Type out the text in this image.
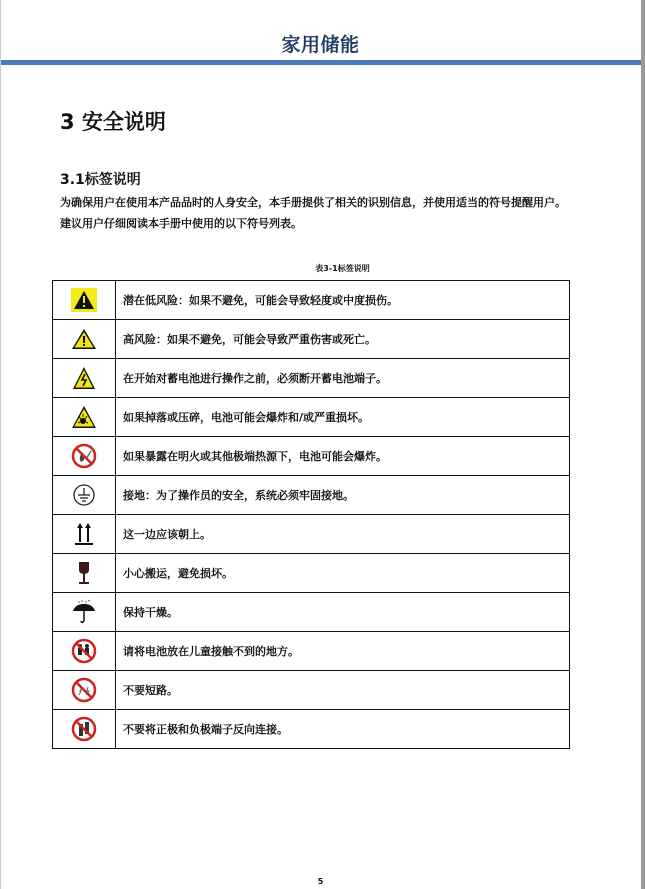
家用储能
3 安全说明
3.1标签说明
为确保用户在使用本产品品时的人身安全，本手册提供了相关的识别信息，并使用适当的符号提醒用户。
建议用户仔细阅读本手册中使用的以下符号列表。
表3-1标签说明
	潜在低风险：如果不避免，可能会导致轻度或中度损伤。

	高风险：如果不避免，可能会导致严重伤害或死亡。

	在开始对蓄电池进行操作之前，必须断开蓄电池端子。

	如果掉落或压碎，电池可能会爆炸和/或严重损坏。

	如果暴露在明火或其他极端热源下，电池可能会爆炸。

	接地：为了操作员的安全，系统必须牢固接地。

	这一边应该朝上。

	小心搬运，避免损坏。

	保持干燥。

	请将电池放在儿童接触不到的地方。

	不要短路。

	不要将正极和负极端子反向连接。
5
